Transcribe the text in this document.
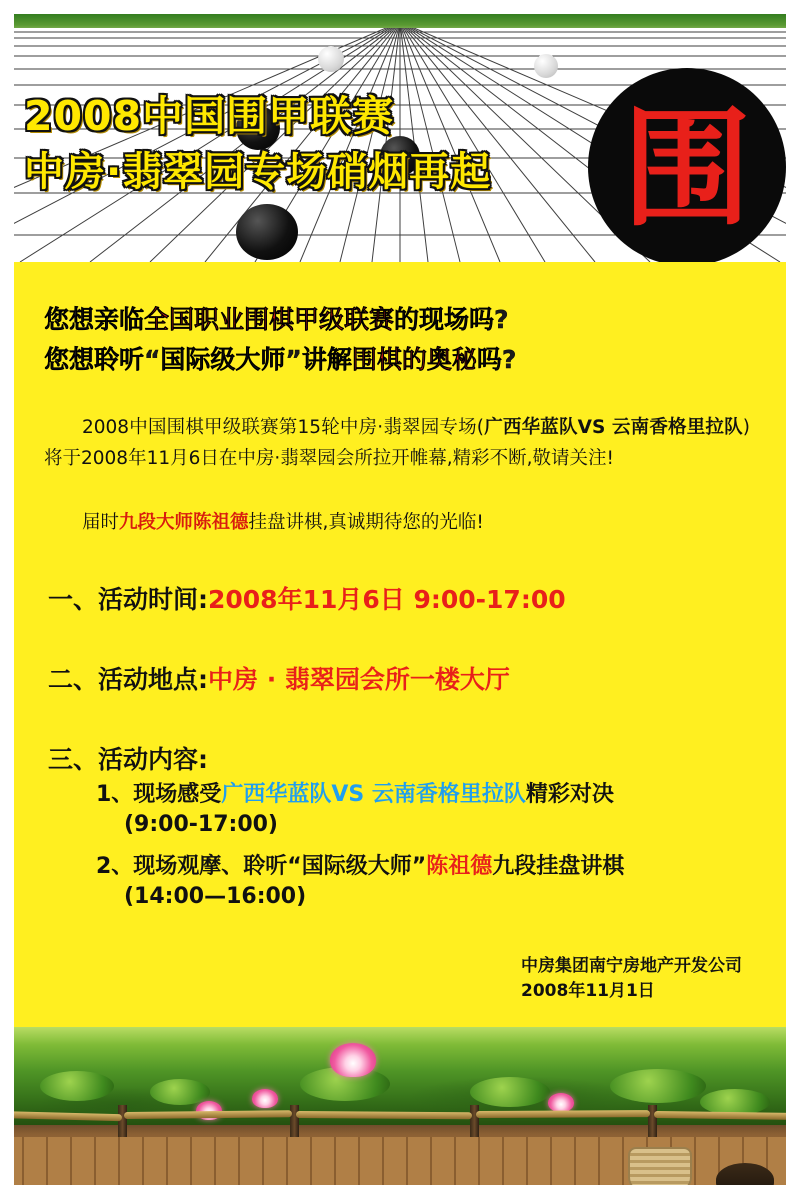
2008中国围甲联赛
中房·翡翠园专场硝烟再起	围
您想亲临全国职业围棋甲级联赛的现场吗?
您想聆听“国际级大师”讲解围棋的奥秘吗?
2008中国围棋甲级联赛第15轮中房·翡翠园专场(广西华蓝队VS 云南香格里拉队)将于2008年11月6日在中房·翡翠园会所拉开帷幕,精彩不断,敬请关注!
届时九段大师陈祖德挂盘讲棋,真诚期待您的光临!
一、活动时间:2008年11月6日 9:00-17:00
二、活动地点:中房 · 翡翠园会所一楼大厅
三、活动内容:
1、现场感受广西华蓝队VS 云南香格里拉队精彩对决
(9:00-17:00)
2、现场观摩、聆听“国际级大师”陈祖德九段挂盘讲棋
(14:00—16:00)
中房集团南宁房地产开发公司
2008年11月1日
